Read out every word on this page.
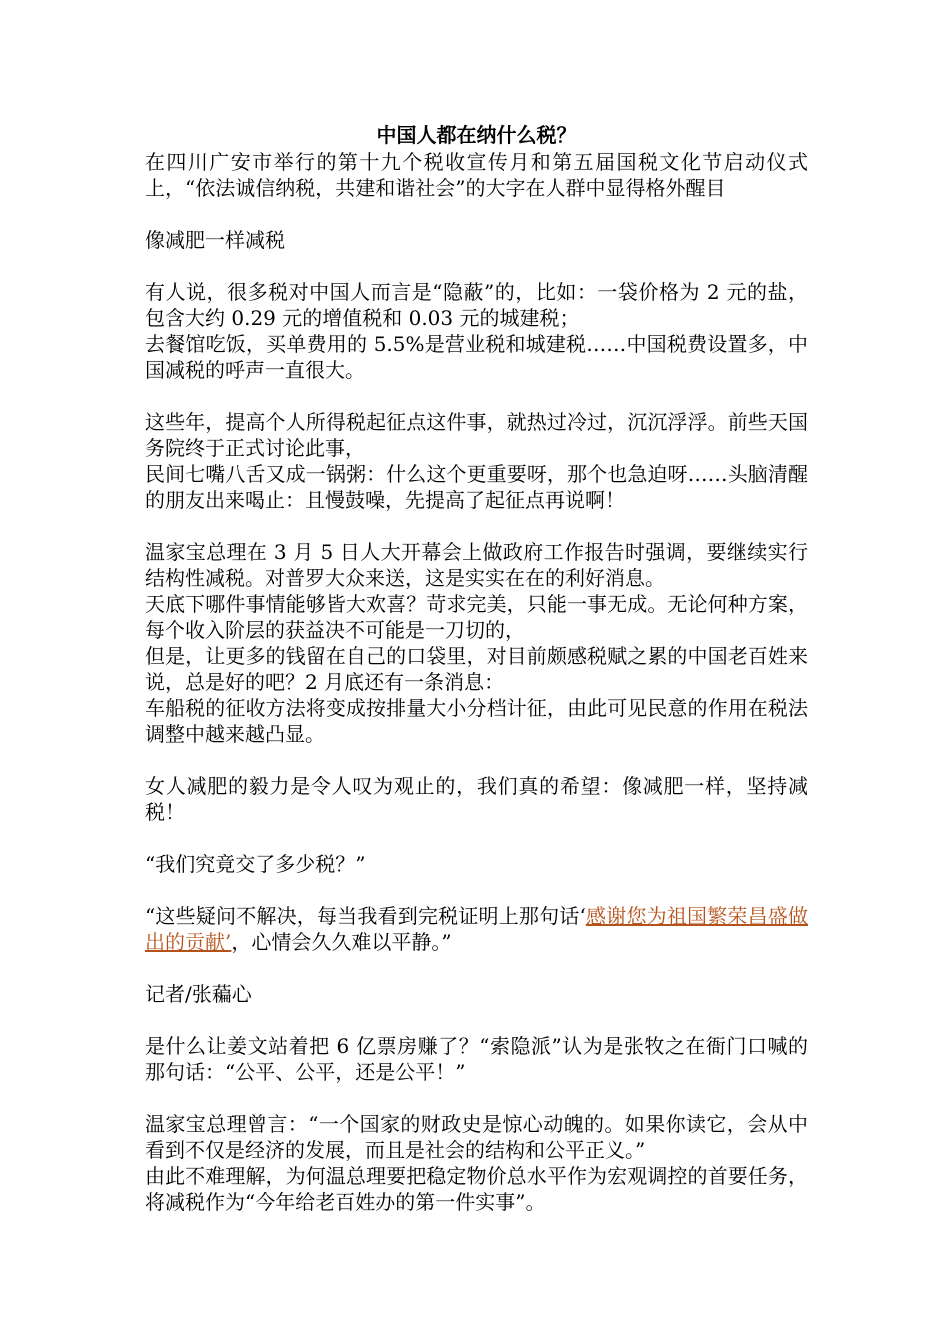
中国人都在纳什么税？

在四川广安市举行的第十九个税收宣传月和第五届国税文化节启动仪式上，“依法诚信纳税，共建和谐社会”的大字在人群中显得格外醒目

像减肥一样减税

有人说，很多税对中国人而言是“隐蔽”的，比如：一袋价格为 2 元的盐，包含大约 0.29 元的增值税和 0.03 元的城建税；
去餐馆吃饭，买单费用的 5.5%是营业税和城建税……中国税费设置多，中国减税的呼声一直很大。
这些年，提高个人所得税起征点这件事，就热过冷过，沉沉浮浮。前些天国务院终于正式讨论此事，
民间七嘴八舌又成一锅粥：什么这个更重要呀，那个也急迫呀……头脑清醒的朋友出来喝止：且慢鼓噪，先提高了起征点再说啊！
温家宝总理在 3 月 5 日人大开幕会上做政府工作报告时强调，要继续实行结构性减税。对普罗大众来送，这是实实在在的利好消息。
天底下哪件事情能够皆大欢喜？苛求完美，只能一事无成。无论何种方案，每个收入阶层的获益决不可能是一刀切的，
但是，让更多的钱留在自己的口袋里，对目前颇感税赋之累的中国老百姓来说，总是好的吧？2 月底还有一条消息：
车船税的征收方法将变成按排量大小分档计征，由此可见民意的作用在税法调整中越来越凸显。

女人减肥的毅力是令人叹为观止的，我们真的希望：像减肥一样，坚持减税！

“我们究竟交了多少税？”

“这些疑问不解决，每当我看到完税证明上那句话‘感谢您为祖国繁荣昌盛做出的贡献’，心情会久久难以平静。”

记者/张藊心

是什么让姜文站着把 6 亿票房赚了？“索隐派”认为是张牧之在衙门口喊的那句话：“公平、公平，还是公平！”

温家宝总理曾言：“一个国家的财政史是惊心动魄的。如果你读它，会从中看到不仅是经济的发展，而且是社会的结构和公平正义。”
由此不难理解，为何温总理要把稳定物价总水平作为宏观调控的首要任务，将减税作为“今年给老百姓办的第一件实事”。
